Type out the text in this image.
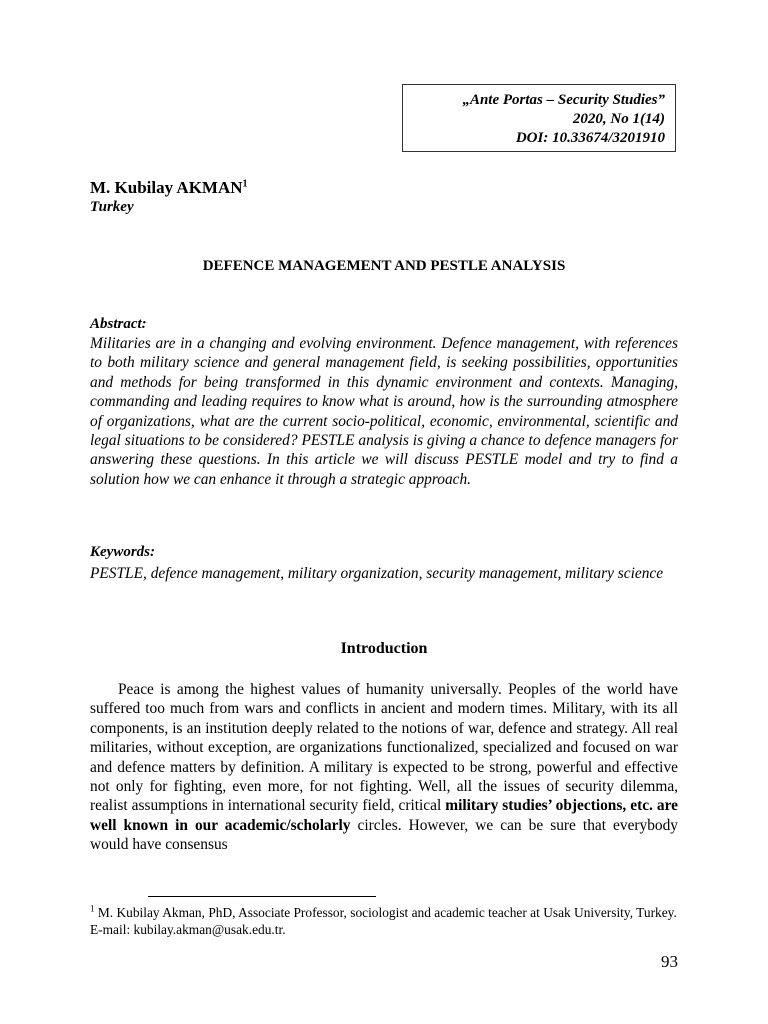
„Ante Portas – Security Studies”
2020, No 1(14)
DOI: 10.33674/3201910
M. Kubilay AKMAN$^1$
Turkey
DEFENCE MANAGEMENT AND PESTLE ANALYSIS
Abstract:

Militaries are in a changing and evolving environment. Defence management, with references to both military science and general management field, is seeking possibilities, opportunities and methods for being transformed in this dynamic environment and contexts. Managing, commanding and leading requires to know what is around, how is the surrounding atmosphere of organizations, what are the current socio-political, economic, environmental, scientific and legal situations to be considered? PESTLE analysis is giving a chance to defence managers for answering these questions. In this article we will discuss PESTLE model and try to find a solution how we can enhance it through a strategic approach.

Keywords:

PESTLE, defence management, military organization, security management, military science

Introduction

Peace is among the highest values of humanity universally. Peoples of the world have suffered too much from wars and conflicts in ancient and modern times. Military, with its all components, is an institution deeply related to the notions of war, defence and strategy. All real militaries, without exception, are organizations functionalized, specialized and focused on war and defence matters by definition. A military is expected to be strong, powerful and effective not only for fighting, even more, for not fighting. Well, all the issues of security dilemma, realist assumptions in international security field, critical military studies’ objections, etc. are well known in our academic/scholarly circles. However, we can be sure that everybody would have consensus

$^1$ M. Kubilay Akman, PhD, Associate Professor, sociologist and academic teacher at Usak University, Turkey. E-mail: kubilay.akman@usak.edu.tr.

93
